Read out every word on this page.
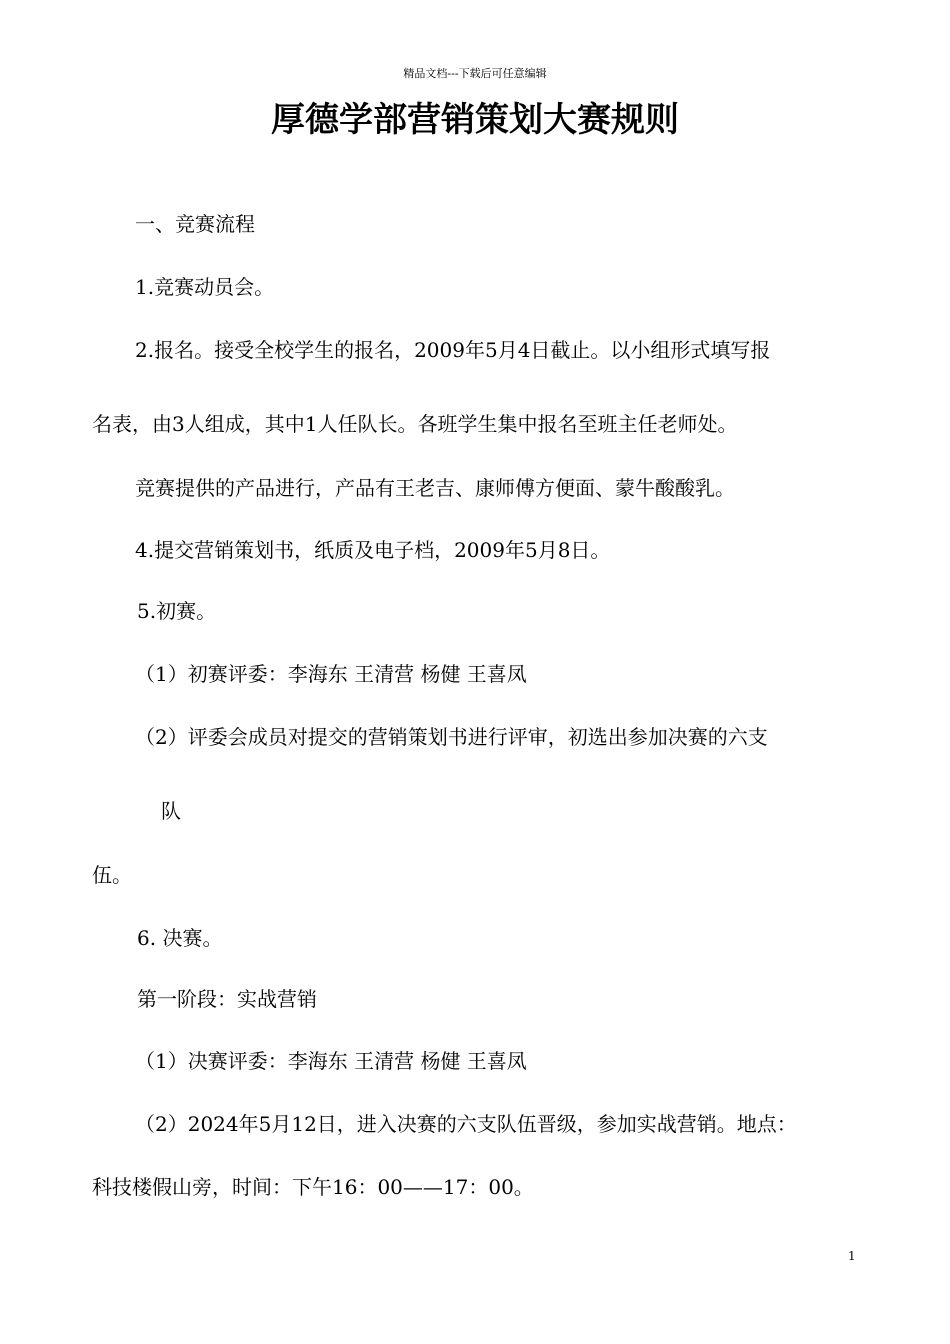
精品文档---下载后可任意编辑
厚德学部营销策划大赛规则

一、竞赛流程

1.竞赛动员会。

2.报名。接受全校学生的报名，2009年5月4日截止。以小组形式填写报

名表，由3人组成，其中1人任队长。各班学生集中报名至班主任老师处。

竞赛提供的产品进行，产品有王老吉、康师傅方便面、蒙牛酸酸乳。

4.提交营销策划书，纸质及电子档，2009年5月8日。

5.初赛。

（1）初赛评委：李海东 王清营 杨健 王喜凤

（2）评委会成员对提交的营销策划书进行评审，初选出参加决赛的六支

队

伍。

6. 决赛。

第一阶段：实战营销

（1）决赛评委：李海东 王清营 杨健 王喜凤

（2）2024年5月12日，进入决赛的六支队伍晋级，参加实战营销。地点：

科技楼假山旁，时间：下午16：00——17：00。

1
